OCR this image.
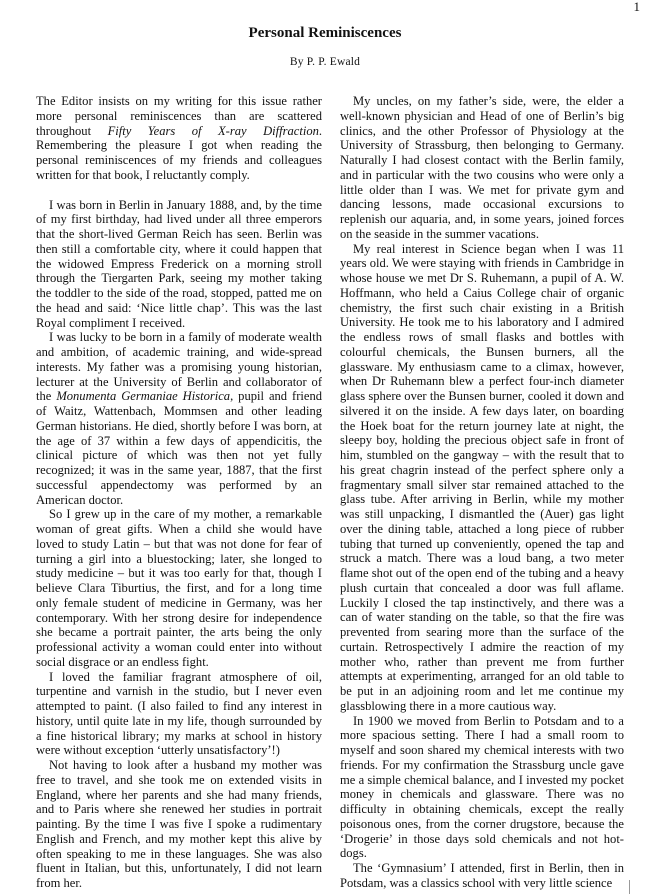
1
Personal Reminiscences
By P. P. Ewald

The Editor insists on my writing for this issue rather more personal reminiscences than are scattered throughout Fifty Years of X-ray Diffraction. Remembering the pleasure I got when reading the personal reminiscences of my friends and colleagues written for that book, I reluctantly comply.

I was born in Berlin in January 1888, and, by the time of my first birthday, had lived under all three emperors that the short-lived German Reich has seen. Berlin was then still a comfortable city, where it could happen that the widowed Empress Frederick on a morning stroll through the Tiergarten Park, seeing my mother taking the toddler to the side of the road, stopped, patted me on the head and said: ‘Nice little chap’. This was the last Royal compliment I received.

I was lucky to be born in a family of moderate wealth and ambition, of academic training, and wide-spread interests. My father was a promising young historian, lecturer at the University of Berlin and collaborator of the Monumenta Germaniae Historica, pupil and friend of Waitz, Wattenbach, Mommsen and other leading German historians. He died, shortly before I was born, at the age of 37 within a few days of appendicitis, the clinical picture of which was then not yet fully recognized; it was in the same year, 1887, that the first successful appendectomy was performed by an American doctor.

So I grew up in the care of my mother, a remarkable woman of great gifts. When a child she would have loved to study Latin – but that was not done for fear of turning a girl into a bluestocking; later, she longed to study medicine – but it was too early for that, though I believe Clara Tiburtius, the first, and for a long time only female student of medicine in Germany, was her contemporary. With her strong desire for independence she became a portrait painter, the arts being the only professional activity a woman could enter into without social disgrace or an endless fight.

I loved the familiar fragrant atmosphere of oil, turpentine and varnish in the studio, but I never even attempted to paint. (I also failed to find any interest in history, until quite late in my life, though surrounded by a fine historical library; my marks at school in history were without exception ‘utterly unsatisfactory’!)

Not having to look after a husband my mother was free to travel, and she took me on extended visits in England, where her parents and she had many friends, and to Paris where she renewed her studies in portrait painting. By the time I was five I spoke a rudimentary English and French, and my mother kept this alive by often speaking to me in these languages. She was also fluent in Italian, but this, unfortunately, I did not learn from her.

My uncles, on my father’s side, were, the elder a well-known physician and Head of one of Berlin’s big clinics, and the other Professor of Physiology at the University of Strassburg, then belonging to Germany. Naturally I had closest contact with the Berlin family, and in particular with the two cousins who were only a little older than I was. We met for private gym and dancing lessons, made occasional excursions to replenish our aquaria, and, in some years, joined forces on the seaside in the summer vacations.

My real interest in Science began when I was 11 years old. We were staying with friends in Cambridge in whose house we met Dr S. Ruhemann, a pupil of A. W. Hoffmann, who held a Caius College chair of organic chemistry, the first such chair existing in a British University. He took me to his laboratory and I admired the endless rows of small flasks and bottles with colourful chemicals, the Bunsen burners, all the glassware. My enthusiasm came to a climax, however, when Dr Ruhemann blew a perfect four-inch diameter glass sphere over the Bunsen burner, cooled it down and silvered it on the inside. A few days later, on boarding the Hoek boat for the return journey late at night, the sleepy boy, holding the precious object safe in front of him, stumbled on the gangway – with the result that to his great chagrin instead of the perfect sphere only a fragmentary small silver star remained attached to the glass tube. After arriving in Berlin, while my mother was still unpacking, I dismantled the (Auer) gas light over the dining table, attached a long piece of rubber tubing that turned up conveniently, opened the tap and struck a match. There was a loud bang, a two meter flame shot out of the open end of the tubing and a heavy plush curtain that concealed a door was full aflame. Luckily I closed the tap instinctively, and there was a can of water standing on the table, so that the fire was prevented from searing more than the surface of the curtain. Retrospectively I admire the reaction of my mother who, rather than prevent me from further attempts at experimenting, arranged for an old table to be put in an adjoining room and let me continue my glassblowing there in a more cautious way.

In 1900 we moved from Berlin to Potsdam and to a more spacious setting. There I had a small room to myself and soon shared my chemical interests with two friends. For my confirmation the Strassburg uncle gave me a simple chemical balance, and I invested my pocket money in chemicals and glassware. There was no difficulty in obtaining chemicals, except the really poisonous ones, from the corner drugstore, because the ‘Drogerie’ in those days sold chemicals and not hot-dogs.

The ‘Gymnasium’ I attended, first in Berlin, then in Potsdam, was a classics school with very little science
